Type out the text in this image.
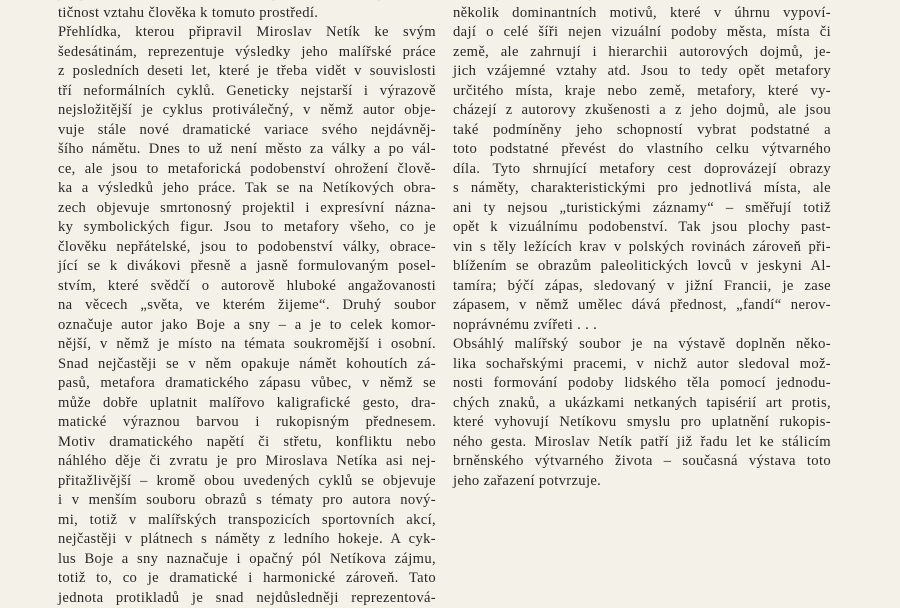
tičnost vztahu člověka k tomuto prostředí.
Přehlídka, kterou připravil Miroslav Netík ke svým
šedesátinám, reprezentuje výsledky jeho malířské práce
z posledních deseti let, které je třeba vidět v souvislosti
tří neformálních cyklů. Geneticky nejstarší i výrazově
nejsložitější je cyklus protiválečný, v němž autor obje-
vuje stále nové dramatické variace svého nejdávněj-
šího námětu. Dnes to už není město za války a po vál-
ce, ale jsou to metaforická podobenství ohrožení člově-
ka a výsledků jeho práce. Tak se na Netíkových obra-
zech objevuje smrtonosný projektil i expresívní názna-
ky symbolických figur. Jsou to metafory všeho, co je
člověku nepřátelské, jsou to podobenství války, obrace-
jící se k divákovi přesně a jasně formulovaným posel-
stvím, které svědčí o autorově hluboké angažovanosti
na věcech „světa, ve kterém žijeme“. Druhý soubor
označuje autor jako Boje a sny – a je to celek komor-
nější, v němž je místo na témata soukromější i osobní.
Snad nejčastěji se v něm opakuje námět kohoutích zá-
pasů, metafora dramatického zápasu vůbec, v němž se
může dobře uplatnit malířovo kaligrafické gesto, dra-
matické výraznou barvou i rukopisným přednesem.
Motiv dramatického napětí či střetu, konfliktu nebo
náhlého děje či zvratu je pro Miroslava Netíka asi nej-
přitažlivější – kromě obou uvedených cyklů se objevuje
i v menším souboru obrazů s tématy pro autora nový-
mi, totiž v malířských transpozicích sportovních akcí,
nejčastěji v plátnech s náměty z ledního hokeje. A cyk-
lus Boje a sny naznačuje i opačný pól Netíkova zájmu,
totiž to, co je dramatické i harmonické zároveň. Tato
jednota protikladů je snad nejdůsledněji reprezentová-
několik dominantních motivů, které v úhrnu vypoví-
dají o celé šíři nejen vizuální podoby města, místa či
země, ale zahrnují i hierarchii autorových dojmů, je-
jich vzájemné vztahy atd. Jsou to tedy opět metafory
určitého místa, kraje nebo země, metafory, které vy-
cházejí z autorovy zkušenosti a z jeho dojmů, ale jsou
také podmíněny jeho schopností vybrat podstatné a
toto podstatné převést do vlastního celku výtvarného
díla. Tyto shrnující metafory cest doprovázejí obrazy
s náměty, charakteristickými pro jednotlivá místa, ale
ani ty nejsou „turistickými záznamy“ – směřují totiž
opět k vizuálnímu podobenství. Tak jsou plochy past-
vin s těly ležících krav v polských rovinách zároveň při-
blížením se obrazům paleolitických lovců v jeskyni Al-
tamíra; býčí zápas, sledovaný v jižní Francii, je zase
zápasem, v němž umělec dává přednost, „fandí“ nerov-
noprávnému zvířeti . . .
Obsáhlý malířský soubor je na výstavě doplněn něko-
lika sochařskými pracemi, v nichž autor sledoval mož-
nosti formování podoby lidského těla pomocí jednodu-
chých znaků, a ukázkami netkaných tapisérií art protis,
které vyhovují Netíkovu smyslu pro uplatnění rukopis-
ného gesta. Miroslav Netík patří již řadu let ke stálicím
brněnského výtvarného života – současná výstava toto
jeho zařazení potvrzuje.
